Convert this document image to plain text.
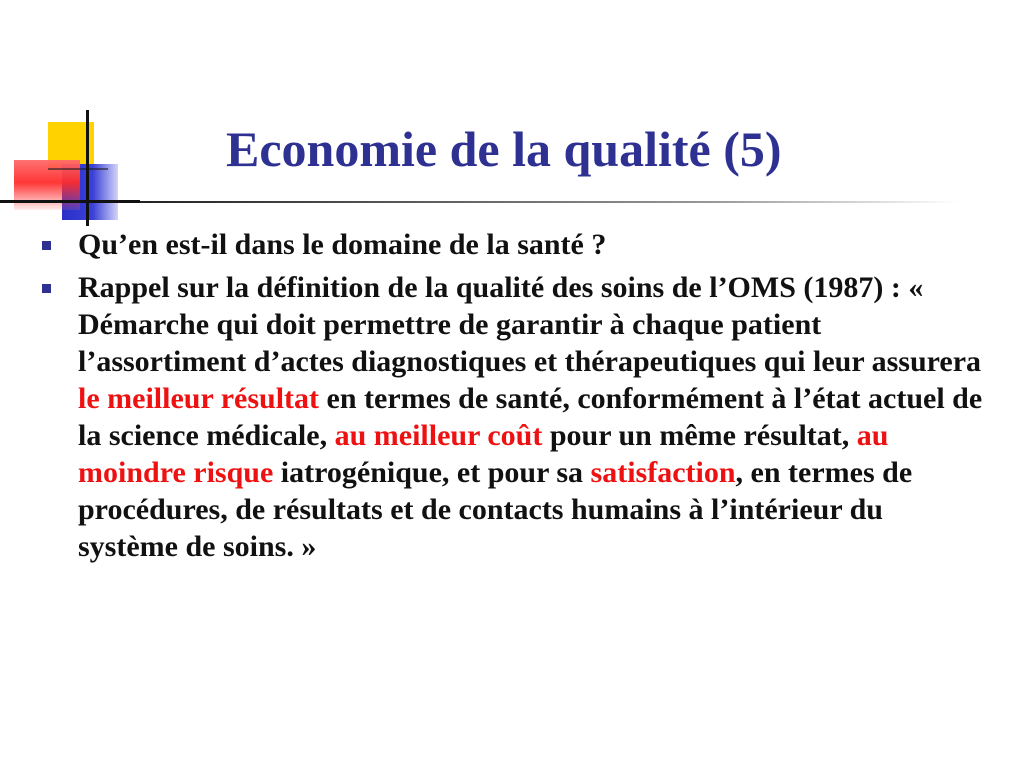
Economie de la qualité (5)
Qu’en est-il dans le domaine de la santé ?
Rappel sur la définition de la qualité des soins de l’OMS (1987) : « Démarche qui doit permettre de garantir à chaque patient l’assortiment d’actes diagnostiques et thérapeutiques qui leur assurera le meilleur résultat en termes de santé, conformément à l’état actuel de la science médicale, au meilleur coût pour un même résultat, au moindre risque iatrogénique, et pour sa satisfaction, en termes de procédures, de résultats et de contacts humains à l’intérieur du système de soins. »
